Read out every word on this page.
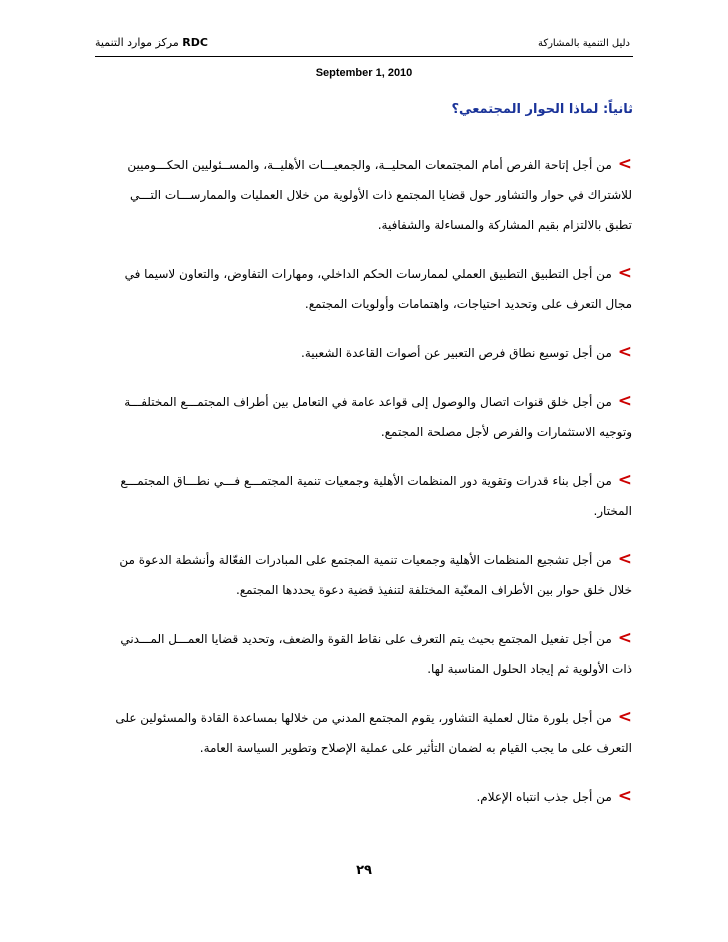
RDC مركز موارد التنمية	دليل التنمية بالمشاركة
September 1, 2010
ثانياً: لماذا الحوار المجتمعي؟
>من أجل إتاحة الفرص أمام المجتمعات المحليــة، والجمعيـــات الأهليــة، والمســئوليين الحكـــوميين
للاشتراك في حوار والتشاور حول قضايا المجتمع ذات الأولوية من خلال العمليات والممارســـات التـــي
تطبق بالالتزام بقيم المشاركة والمساءلة والشفافية.
>من أجل التطبيق التطبيق العملي لممارسات الحكم الداخلي، ومهارات التفاوض، والتعاون لاسيما في
مجال التعرف على وتحديد احتياجات، واهتمامات وأولويات المجتمع.
>من أجل توسيع نطاق فرص التعبير عن أصوات القاعدة الشعبية.
>من أجل خلق قنوات اتصال والوصول إلى قواعد عامة في التعامل بين أطراف المجتمـــع المختلفـــة
وتوجيه الاستثمارات والفرص لأجل مصلحة المجتمع.
>من أجل بناء قدرات وتقوية دور المنظمات الأهلية وجمعيات تنمية المجتمـــع فـــي نطـــاق المجتمـــع
المختار.
>من أجل تشجيع المنظمات الأهلية وجمعيات تنمية المجتمع على المبادرات الفعّالة وأنشطة الدعوة من
خلال خلق حوار بين الأطراف المعنّية المختلفة لتنفيذ قضية دعوة يحددها المجتمع.
>من أجل تفعيل المجتمع بحيث يتم التعرف على نقاط القوة والضعف، وتحديد قضايا العمـــل المـــدني
ذات الأولوية ثم إيجاد الحلول المناسبة لها.
>من أجل بلورة مثال لعملية التشاور، يقوم المجتمع المدني من خلالها بمساعدة القادة والمسئولين على
التعرف على ما يجب القيام به لضمان التأثير على عملية الإصلاح وتطوير السياسة العامة.
>من أجل جذب انتباه الإعلام.
٢٩
